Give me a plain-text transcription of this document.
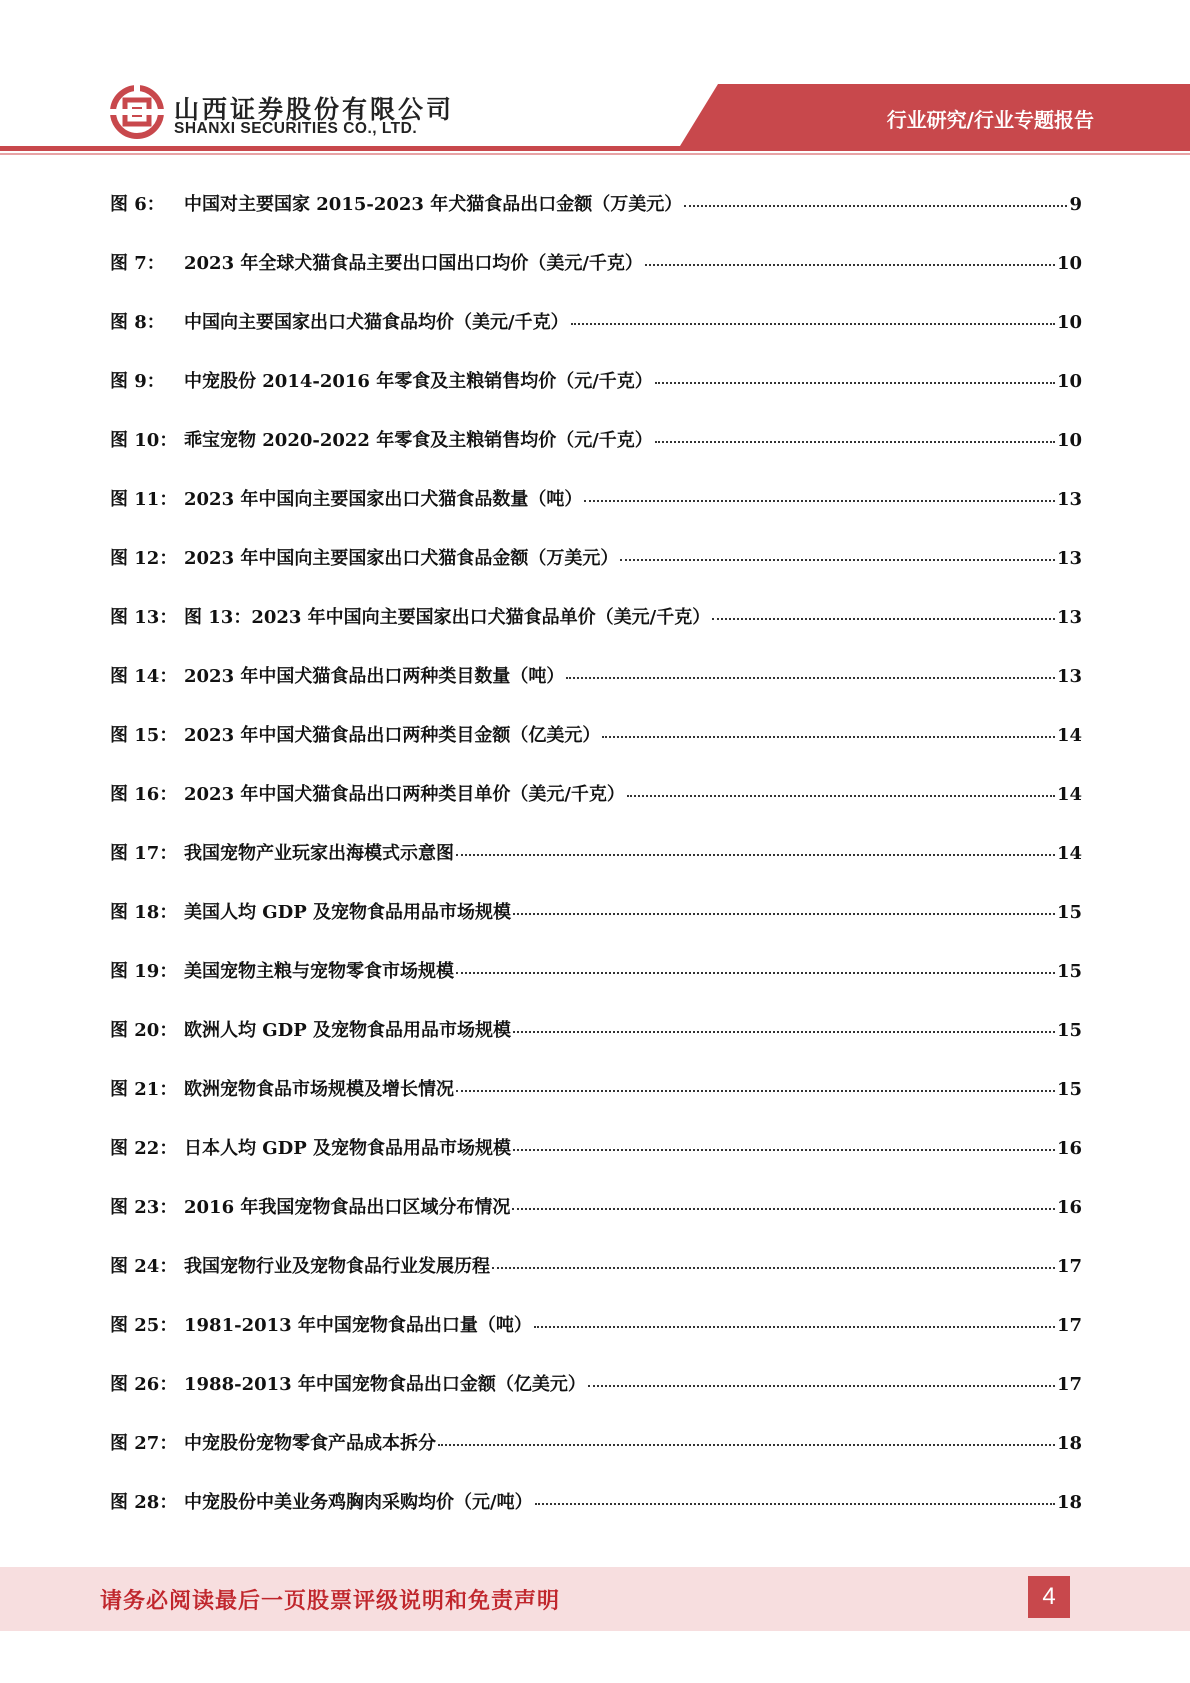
山西证券股份有限公司
SHANXI SECURITIES CO., LTD.	行业研究/行业专题报告
图 6：	中国对主要国家 2015-2023 年犬猫食品出口金额（万美元）	9
图 7：	2023 年全球犬猫食品主要出口国出口均价（美元/千克）	10
图 8：	中国向主要国家出口犬猫食品均价（美元/千克）	10
图 9：	中宠股份 2014-2016 年零食及主粮销售均价（元/千克）	10
图 10： 乖宝宠物 2020-2022 年零食及主粮销售均价（元/千克）	10
图 11： 2023 年中国向主要国家出口犬猫食品数量（吨）	13
图 12： 2023 年中国向主要国家出口犬猫食品金额（万美元）	13
图 13： 图 13：2023 年中国向主要国家出口犬猫食品单价（美元/千克）	13
图 14： 2023 年中国犬猫食品出口两种类目数量（吨）	13
图 15： 2023 年中国犬猫食品出口两种类目金额（亿美元）	14
图 16： 2023 年中国犬猫食品出口两种类目单价（美元/千克）	14
图 17： 我国宠物产业玩家出海模式示意图	14
图 18： 美国人均 GDP 及宠物食品用品市场规模	15
图 19： 美国宠物主粮与宠物零食市场规模	15
图 20： 欧洲人均 GDP 及宠物食品用品市场规模	15
图 21： 欧洲宠物食品市场规模及增长情况	15
图 22： 日本人均 GDP 及宠物食品用品市场规模	16
图 23： 2016 年我国宠物食品出口区域分布情况	16
图 24： 我国宠物行业及宠物食品行业发展历程	17
图 25： 1981-2013 年中国宠物食品出口量（吨）	17
图 26： 1988-2013 年中国宠物食品出口金额（亿美元）	17
图 27： 中宠股份宠物零食产品成本拆分	18
图 28： 中宠股份中美业务鸡胸肉采购均价（元/吨）	18
请务必阅读最后一页股票评级说明和免责声明	4
